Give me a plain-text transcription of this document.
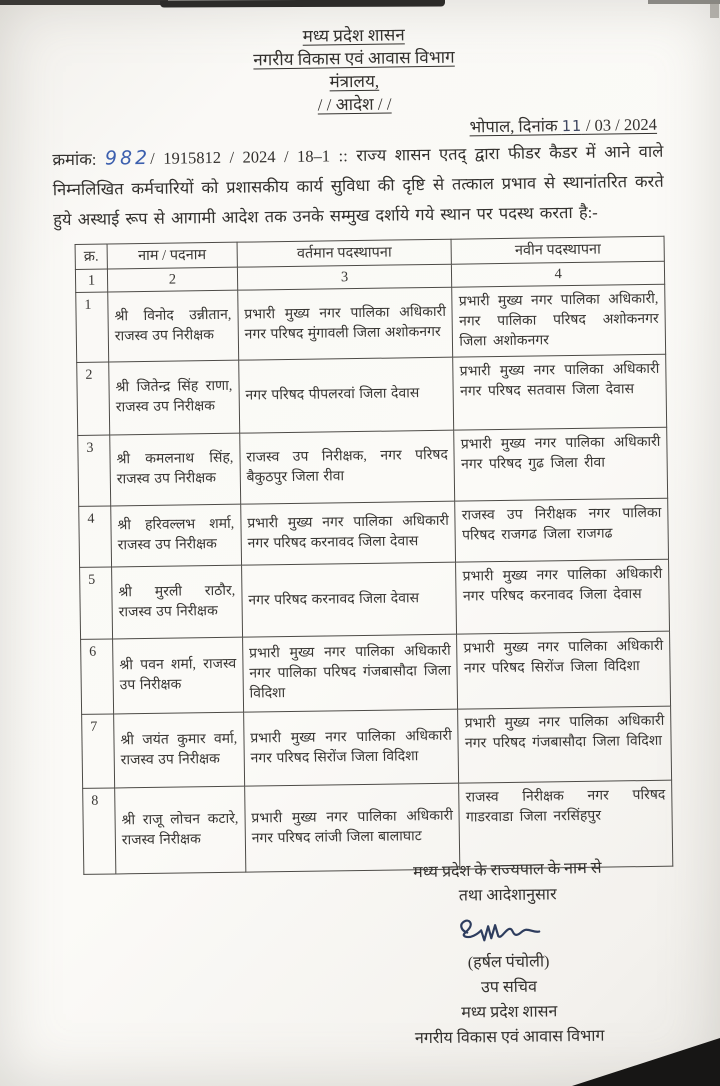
मध्य प्रदेश शासन
नगरीय विकास एवं आवास विभाग
मंत्रालय,
/ / आदेश / /
भोपाल, दिनांक 11 / 03 / 2024
क्रमांक: 982/ 1915812 / 2024 / 18–1 :: राज्य शासन एतद् द्वारा फीडर कैडर में आने वाले निम्नलिखित कर्मचारियों को प्रशासकीय कार्य सुविधा की दृष्टि से तत्काल प्रभाव से स्थानांतरित करते हुये अस्थाई रूप से आगामी आदेश तक उनके सम्मुख दर्शाये गये स्थान पर पदस्थ करता है:-
क्र.	नाम / पदनाम	वर्तमान पदस्थापना	नवीन पदस्थापना
1	2	3	4
1	श्री विनोद उन्नीतान, राजस्व उप निरीक्षक	प्रभारी मुख्य नगर पालिका अधिकारी नगर परिषद मुंगावली जिला अशोकनगर	प्रभारी मुख्य नगर पालिका अधिकारी, नगर पालिका परिषद अशोकनगर जिला अशोकनगर
2	श्री जितेन्द्र सिंह राणा, राजस्व उप निरीक्षक	नगर परिषद पीपलरवां जिला देवास	प्रभारी मुख्य नगर पालिका अधिकारी नगर परिषद सतवास जिला देवास
3	श्री कमलनाथ सिंह, राजस्व उप निरीक्षक	राजस्व उप निरीक्षक, नगर परिषद बैकुठपुर जिला रीवा	प्रभारी मुख्य नगर पालिका अधिकारी नगर परिषद गुढ जिला रीवा
4	श्री हरिवल्लभ शर्मा, राजस्व उप निरीक्षक	प्रभारी मुख्य नगर पालिका अधिकारी नगर परिषद करनावद जिला देवास	राजस्व उप निरीक्षक नगर पालिका परिषद राजगढ जिला राजगढ
5	श्री मुरली राठौर, राजस्व उप निरीक्षक	नगर परिषद करनावद जिला देवास	प्रभारी मुख्य नगर पालिका अधिकारी नगर परिषद करनावद जिला देवास
6	श्री पवन शर्मा, राजस्व उप निरीक्षक	प्रभारी मुख्य नगर पालिका अधिकारी नगर पालिका परिषद गंजबासौदा जिला विदिशा	प्रभारी मुख्य नगर पालिका अधिकारी नगर परिषद सिरोंज जिला विदिशा
7	श्री जयंत कुमार वर्मा, राजस्व उप निरीक्षक	प्रभारी मुख्य नगर पालिका अधिकारी नगर परिषद सिरोंज जिला विदिशा	प्रभारी मुख्य नगर पालिका अधिकारी नगर परिषद गंजबासौदा जिला विदिशा
8	श्री राजू लोचन कटारे, राजस्व निरीक्षक	प्रभारी मुख्य नगर पालिका अधिकारी नगर परिषद लांजी जिला बालाघाट	राजस्व निरीक्षक नगर परिषद गाडरवाडा जिला नरसिंहपुर
मध्य प्रदेश के राज्यपाल के नाम से
तथा आदेशानुसार
(हर्षल पंचोली)
उप सचिव
मध्य प्रदेश शासन
नगरीय विकास एवं आवास विभाग
